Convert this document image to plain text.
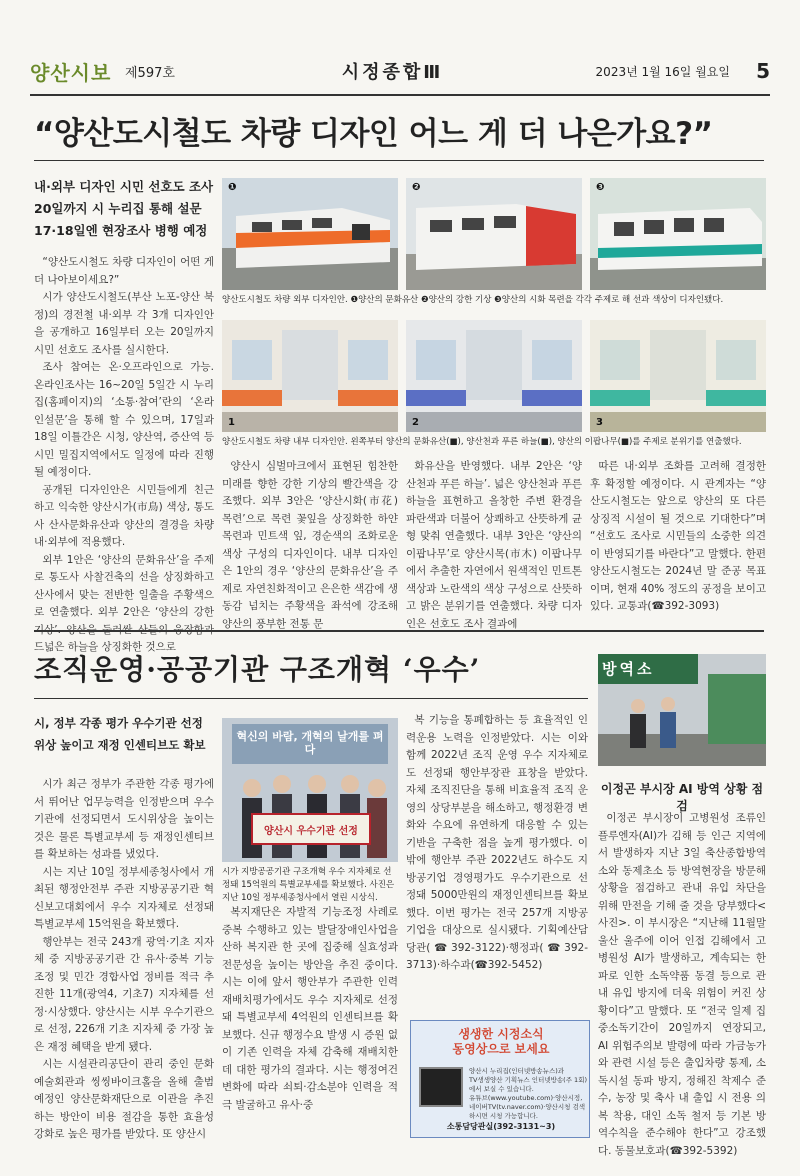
양산시보	제597호	시정종합Ⅲ	2023년 1월 16일 월요일	5
“양산도시철도 차량 디자인 어느 게 더 나은가요?”
내·외부 디자인 시민 선호도 조사
20일까지 시 누리집 통해 설문
17·18일엔 현장조사 병행 예정

“양산도시철도 차량 디자인이 어떤 게 더 나아보이세요?”

시가 양산도시철도(부산 노포-양산 북정)의 경전철 내·외부 각 3개 디자인안을 공개하고 16일부터 오는 20일까지 시민 선호도 조사를 실시한다.

조사 참여는 온·오프라인으로 가능. 온라인조사는 16~20일 5일간 시 누리집(홈페이지)의 ‘소통·참여’란의 ‘온라인설문’을 통해 할 수 있으며, 17일과 18일 이틀간은 시청, 양산역, 증산역 등 시민 밀집지역에서도 일정에 따라 진행될 예정이다.

공개된 디자인안은 시민들에게 친근하고 익숙한 양산시가(市鳥) 색상, 통도사 산사문화유산과 양산의 결경을 차량 내·외부에 적용했다.

외부 1안은 ‘양산의 문화유산’을 주제로 통도사 사찰건축의 선을 상징화하고 산사에서 맞는 전반한 일출을 주황색으로 연출했다. 외부 2안은 ‘양산의 강한 드넓은 하늘을 상징화한 것으로

❶	❷	❸
양산도시철도 차량 외부 디자인안. ❶양산의 문화유산 ❷양산의 강한 기상 ❸양산의 시화 목련을 각각 주제로 해 선과 색상이 디자인됐다.
1	2	3
양산도시철도 차량 내부 디자인안. 왼쪽부터 양산의 문화유산(■), 양산천과 푸른 하늘(■), 양산의 이팝나무(■)를 주제로 분위기를 연출했다.

양산시 심벌마크에서 표현된 힘찬한 미래를 향한 강한 기상의 빨간색을 강조했다. 외부 3안은 ‘양산시화(市花) 목련’으로 목련 꽃잎을 상징화한 하얀 목련과 민트색 잎, 경순색의 조화로운 색상 구성의 디자인이다. 내부 디자인은 1안의 경우 ‘양산의 문화유산’을 주제로 자연친화적이고 은은한 색감에 생동감 넘치는 주황색을 좌석에 강조해 양산의 풍부한 전통 문

화유산을 반영했다. 내부 2안은 ‘양산천과 푸른 하늘’. 넓은 양산천과 푸른 하늘을 표현하고 올창한 주변 환경을 파란색과 더불어 상쾌하고 산뜻하게 균형 맞춰 연출했다. 내부 3안은 ‘양산의 이팝나무’로 양산시목(市木) 이팝나무에서 추출한 자연에서 원색적인 민트톤 색상과 노란색의 색상 구성으로 산뜻하고 밝은 분위기를 연출했다. 차량 디자인은 선호도 조사 결과에

따른 내·외부 조화를 고려해 결정한 후 확정할 예정이다. 시 관계자는 “양산도시철도는 앞으로 양산의 또 다른 상징적 시설이 될 것으로 기대한다”며 “선호도 조사로 시민들의 소중한 의견이 반영되기를 바란다”고 말했다. 한편 양산도시철도는 2024년 말 준공 목표이며, 현재 40% 정도의 공정을 보이고 있다. 교통과(☎392-3093)

조직운영·공공기관 구조개혁 ‘우수’
시, 정부 각종 평가 우수기관 선정
위상 높이고 재정 인센티브도 확보

시가 최근 정부가 주관한 각종 평가에서 뛰어난 업무능력을 인정받으며 우수기관에 선정되면서 도시위상을 높이는 것은 물론 특별교부세 등 재정인센티브를 확보하는 성과를 냈었다.

시는 지난 10일 정부세종청사에서 개최된 행정안전부 주관 지방공공기관 혁신보고대회에서 우수 지자체로 선정돼 특별교부세 15억원을 확보했다.

행안부는 전국 243개 광역·기초 지자체 중 지방공공기관 간 유사·중복 기능 조정 및 민간 경합사업 정비를 적극 추진한 11개(광역4, 기초7) 지자체를 선정·시상했다. 양산시는 시부 우수기관으로 선정, 226개 기초 지자체 중 가장 높은 재정 혜택을 받게 됐다.

시는 시설관리공단이 관리 중인 문화예술회관과 씽씽바이크홀을 올해 출범예정인 양산문화재단으로 이관을 추진하는 방안이 비용 절감을 통한 효율성 강화로 높은 평가를 받았다. 또 양산시

혁신의 바람, 개혁의 날개를 펴다
양산시 우수기관 선정
시가 지방공공기관 구조개혁 우수 지자체로 선정돼 15억원의 특별교부세를 확보했다. 사진은 지난 10일 정부세종청사에서 열린 시상식.

복지재단은 자발적 기능조정 사례로 중복 수행하고 있는 발달장애인사업을 산하 복지관 한 곳에 집중해 실효성과 전문성을 높이는 방안을 추진 중이다. 시는 이에 앞서 행안부가 주관한 인력 재배치평가에서도 우수 지자체로 선정돼 특별교부세 4억원의 인센티브를 확보했다. 신규 행정수요 발생 시 증원 없이 기존 인력을 자체 감축해 재배치한 데 대한 평가의 결과다. 시는 행정여건 변화에 따라 쇠퇴·감소분야 인력을 적극 발굴하고 유사·중

복 기능을 통폐합하는 등 효율적인 인력운용 노력을 인정받았다. 시는 이와 함께 2022년 조직 운영 우수 지자체로도 선정돼 행안부장관 표창을 받았다. 자체 조직진단을 통해 비효율적 조직 운영의 상당부분을 해소하고, 행정환경 변화와 수요에 유연하게 대응할 수 있는 기반을 구축한 점을 높게 평가했다. 이밖에 행안부 주관 2022년도 하수도 지방공기업 경영평가도 우수기관으로 선정돼 5000만원의 재정인센티브를 확보했다. 이번 평가는 전국 257개 지방공기업을 대상으로 실시됐다. 기획예산담당관(☎392-3122)·행정과(☎392-3713)·하수과(☎392-5452)

생생한 시정소식
동영상으로 보세요
양산시 누리집(인터넷방송뉴스)과
TV생생양산 기획뉴스 인터넷방송(주 1회)에서 보실 수 있습니다.
유튜브(www.youtube.com)·양산시정, 네이버TV(tv.naver.com)·양산시청 검색하시면 시청 가능합니다.
소통담당관실(392-3131~3)
방역소
이정곤 부시장 AI 방역 상황 점검

이정곤 부시장이 고병원성 조류인플루엔자(AI)가 김해 등 인근 지역에서 발생하자 지난 3일 축산종합방역소와 동제초소 등 방역현장을 방문해 상황을 점검하고 관내 유입 차단을 위해 만전을 기해 줄 것을 당부했다<사진>. 이 부시장은 “지난해 11월말 울산 울주에 이어 인접 김해에서 고병원성 AI가 발생하고, 계속되는 한파로 인한 소독약품 동결 등으로 관내 유입 방지에 더욱 위험이 커진 상황이다”고 말했다. 또 “전국 일제 집중소독기간이 20일까지 연장되고, AI 위험주의보 발령에 따라 가금농가와 관련 시설 등은 출입차량 통제, 소독시설 동파 방지, 정해진 착제수 준수, 농장 및 축사 내 출입 시 전용 의복 착용, 대인 소독 철저 등 기본 방역수칙을 준수해야 한다”고 강조했다. 동물보호과(☎392-5392)
